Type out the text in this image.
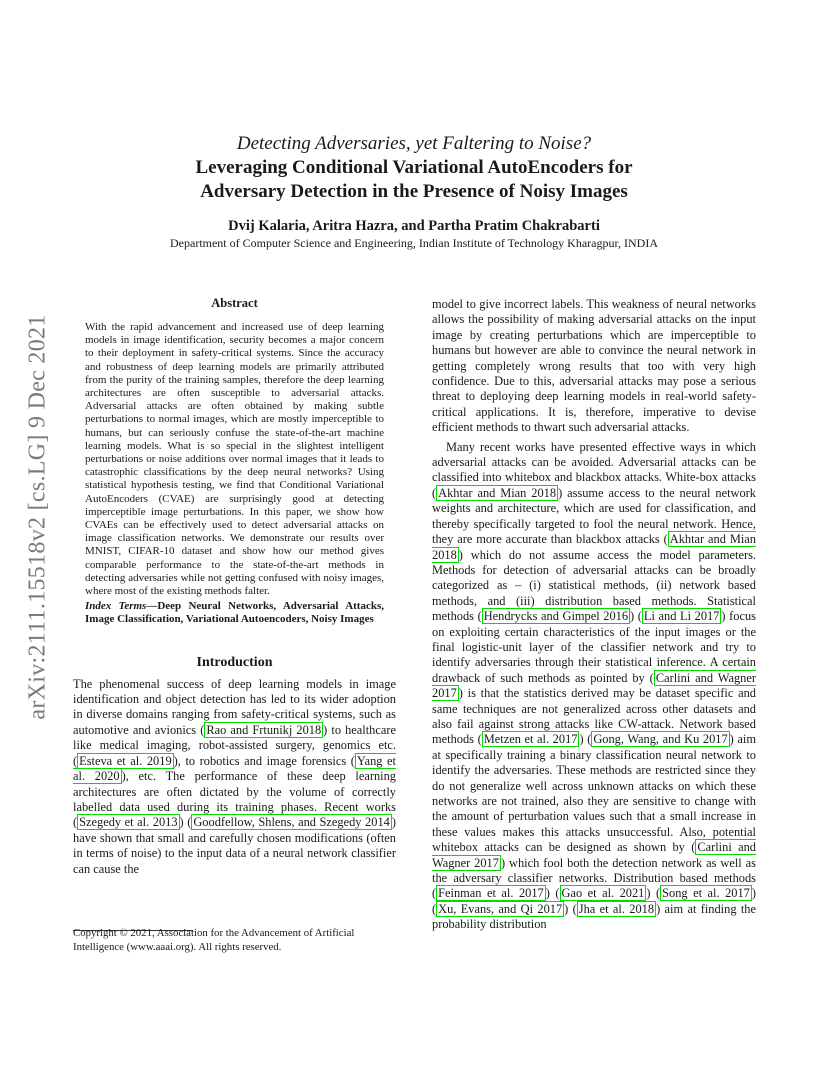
arXiv:2111.15518v2 [cs.LG] 9 Dec 2021
Detecting Adversaries, yet Faltering to Noise?
Leveraging Conditional Variational AutoEncoders for
Adversary Detection in the Presence of Noisy Images
Dvij Kalaria, Aritra Hazra, and Partha Pratim Chakrabarti
Department of Computer Science and Engineering, Indian Institute of Technology Kharagpur, INDIA
Abstract
With the rapid advancement and increased use of deep learning models in image identification, security becomes a major concern to their deployment in safety-critical systems. Since the accuracy and robustness of deep learning models are primarily attributed from the purity of the training samples, therefore the deep learning architectures are often susceptible to adversarial attacks. Adversarial attacks are often obtained by making subtle perturbations to normal images, which are mostly imperceptible to humans, but can seriously confuse the state-of-the-art machine learning models. What is so special in the slightest intelligent perturbations or noise additions over normal images that it leads to catastrophic classifications by the deep neural networks? Using statistical hypothesis testing, we find that Conditional Variational AutoEncoders (CVAE) are surprisingly good at detecting imperceptible image perturbations. In this paper, we show how CVAEs can be effectively used to detect adversarial attacks on image classification networks. We demonstrate our results over MNIST, CIFAR-10 dataset and show how our method gives comparable performance to the state-of-the-art methods in detecting adversaries while not getting confused with noisy images, where most of the existing methods falter.
Index Terms—Deep Neural Networks, Adversarial Attacks, Image Classification, Variational Autoencoders, Noisy Images
Introduction
The phenomenal success of deep learning models in image identification and object detection has led to its wider adoption in diverse domains ranging from safety-critical systems, such as automotive and avionics ( Rao and Frtunikj 2018 ) to healthcare like medical imaging, robot-assisted surgery, genomics etc. ( Esteva et al. 2019 ), to robotics and image forensics ( Yang et al. 2020 ), etc. The performance of these deep learning architectures are often dictated by the volume of correctly labelled data used during its training phases. Recent works ( Szegedy et al. 2013 ) ( Goodfellow, Shlens, and Szegedy 2014 ) have shown that small and carefully chosen modifications (often in terms of noise) to the input data of a neural network classifier can cause the

model to give incorrect labels. This weakness of neural networks allows the possibility of making adversarial attacks on the input image by creating perturbations which are imperceptible to humans but however are able to convince the neural network in getting completely wrong results that too with very high confidence. Due to this, adversarial attacks may pose a serious threat to deploying deep learning models in real-world safety-critical applications. It is, therefore, imperative to devise efficient methods to thwart such adversarial attacks.

Many recent works have presented effective ways in which adversarial attacks can be avoided. Adversarial attacks can be classified into whitebox and blackbox attacks. White-box attacks ( Akhtar and Mian 2018 ) assume access to the neural network weights and architecture, which are used for classification, and thereby specifically targeted to fool the neural network. Hence, they are more accurate than blackbox attacks ( Akhtar and Mian 2018 ) which do not assume access the model parameters. Methods for detection of adversarial attacks can be broadly categorized as – (i) statistical methods, (ii) network based methods, and (iii) distribution based methods. Statistical methods ( Hendrycks and Gimpel 2016 ) ( Li and Li 2017 ) focus on exploiting certain characteristics of the input images or the final logistic-unit layer of the classifier network and try to identify adversaries through their statistical inference. A certain drawback of such methods as pointed by ( Carlini and Wagner 2017 ) is that the statistics derived may be dataset specific and same techniques are not generalized across other datasets and also fail against strong attacks like CW-attack. Network based methods ( Metzen et al. 2017 ) ( Gong, Wang, and Ku 2017 ) aim at specifically training a binary classification neural network to identify the adversaries. These methods are restricted since they do not generalize well across unknown attacks on which these networks are not trained, also they are sensitive to change with the amount of perturbation values such that a small increase in these values makes this attacks unsuccessful. Also, potential whitebox attacks can be designed as shown by ( Carlini and Wagner 2017 ) which fool both the detection network as well as the adversary classifier networks. Distribution based methods ( Feinman et al. 2017 ) ( Gao et al. 2021 ) ( Song et al. 2017 ) ( Xu, Evans, and Qi 2017 ) ( Jha et al. 2018 ) aim at finding the probability distribution

Copyright © 2021, Association for the Advancement of Artificial Intelligence (www.aaai.org). All rights reserved.
